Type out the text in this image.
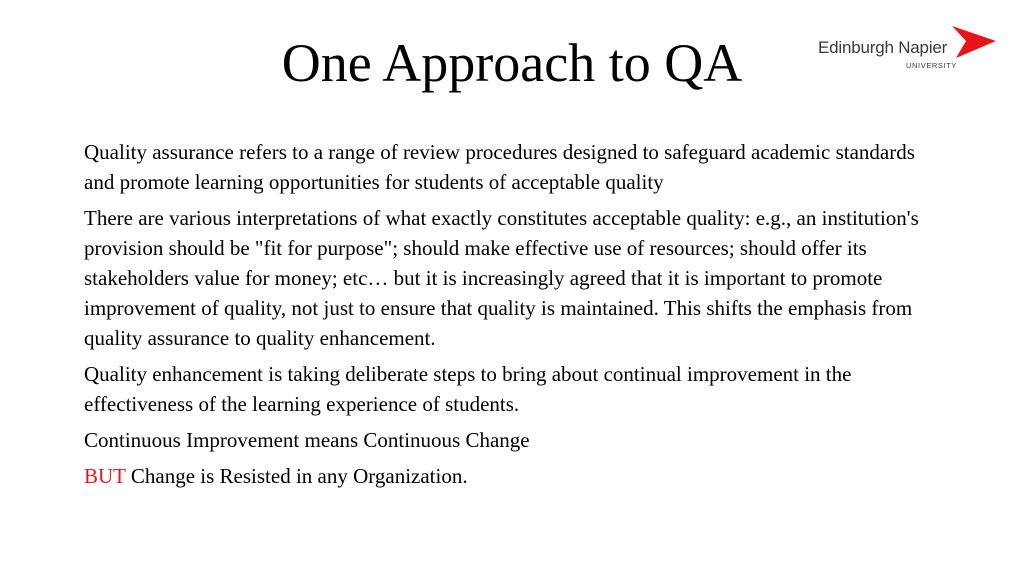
One Approach to QA	Edinburgh Napier
UNIVERSITY

Quality assurance refers to a range of review procedures designed to safeguard academic standards and promote learning opportunities for students of acceptable quality

There are various interpretations of what exactly constitutes acceptable quality: e.g., an institution's provision should be "fit for purpose"; should make effective use of resources; should offer its stakeholders value for money; etc… but it is increasingly agreed that it is important to promote improvement of quality, not just to ensure that quality is maintained. This shifts the emphasis from quality assurance to quality enhancement.

Quality enhancement is taking deliberate steps to bring about continual improvement in the effectiveness of the learning experience of students.

Continuous Improvement means Continuous Change

BUT Change is Resisted in any Organization.
